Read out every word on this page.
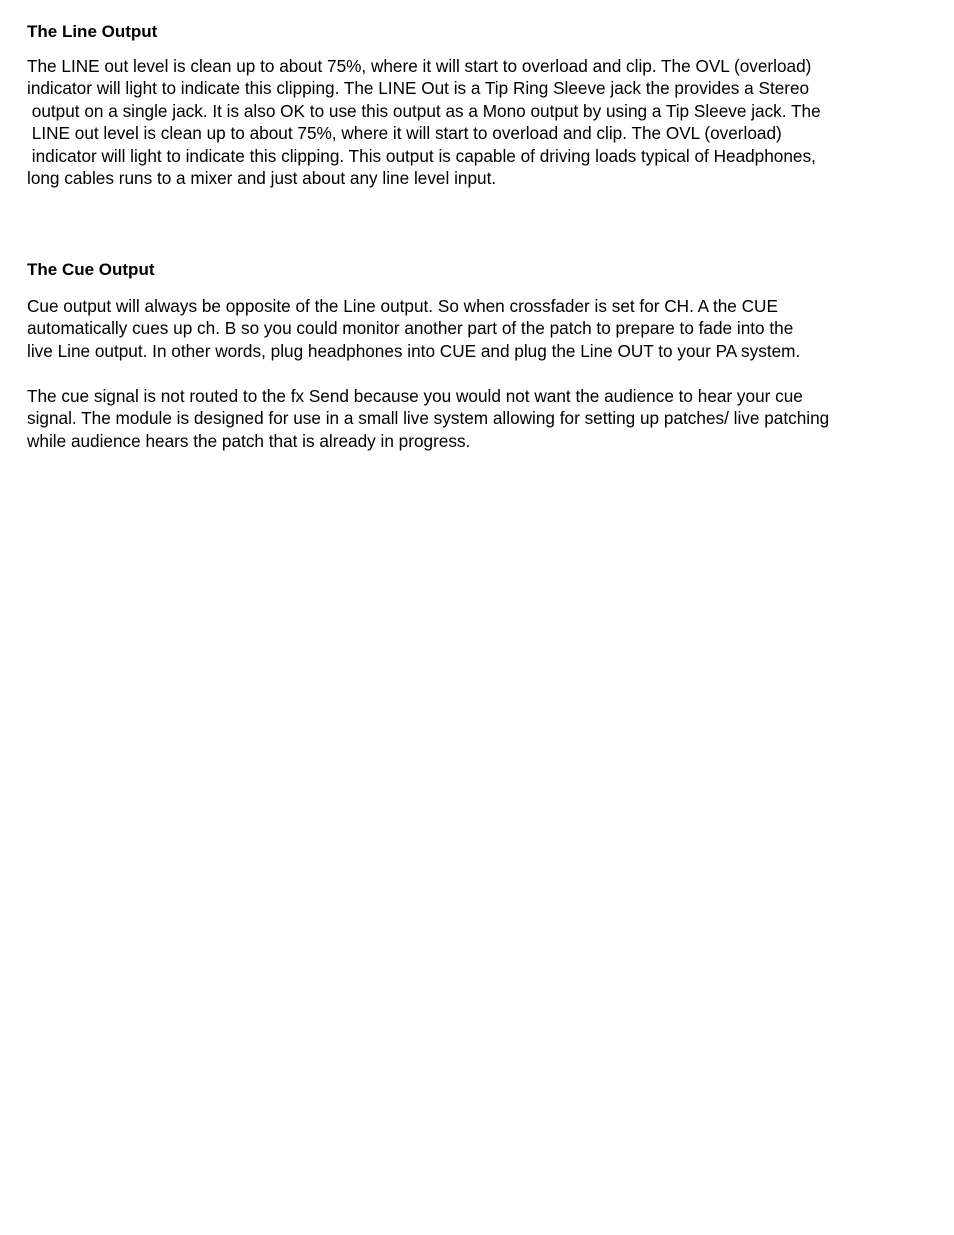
The Line Output
The LINE out level is clean up to about 75%, where it will start to overload and clip. The OVL (overload)
indicator will light to indicate this clipping. The LINE Out is a Tip Ring Sleeve jack the provides a Stereo
output on a single jack. It is also OK to use this output as a Mono output by using a Tip Sleeve jack. The
LINE out level is clean up to about 75%, where it will start to overload and clip. The OVL (overload)
indicator will light to indicate this clipping. This output is capable of driving loads typical of Headphones,
long cables runs to a mixer and just about any line level input.
The Cue Output
Cue output will always be opposite of the Line output. So when crossfader is set for CH. A the CUE
automatically cues up ch. B so you could monitor another part of the patch to prepare to fade into the
live Line output. In other words, plug headphones into CUE and plug the Line OUT to your PA system.
The cue signal is not routed to the fx Send because you would not want the audience to hear your cue
signal. The module is designed for use in a small live system allowing for setting up patches/ live patching
while audience hears the patch that is already in progress.
